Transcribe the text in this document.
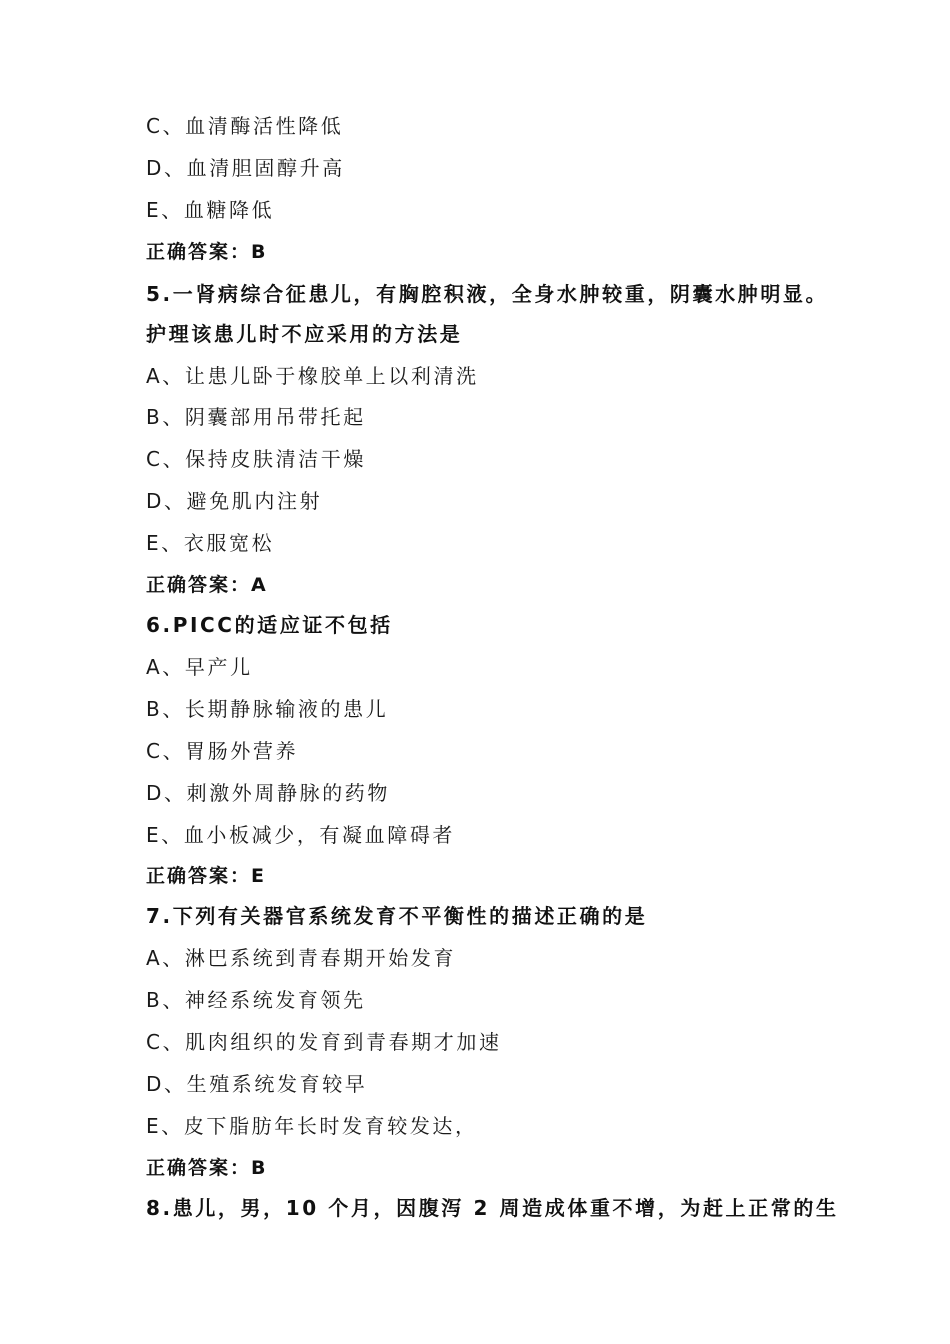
C、血清酶活性降低
D、血清胆固醇升高
E、血糖降低
正确答案：B
5.一肾病综合征患儿，有胸腔积液，全身水肿较重，阴囊水肿明显。
护理该患儿时不应采用的方法是
A、让患儿卧于橡胶单上以利清洗
B、阴囊部用吊带托起
C、保持皮肤清洁干燥
D、避免肌内注射
E、衣服宽松
正确答案：A
6.PICC的适应证不包括
A、早产儿
B、长期静脉输液的患儿
C、胃肠外营养
D、刺激外周静脉的药物
E、血小板减少，有凝血障碍者
正确答案：E
7.下列有关器官系统发育不平衡性的描述正确的是
A、淋巴系统到青春期开始发育
B、神经系统发育领先
C、肌肉组织的发育到青春期才加速
D、生殖系统发育较早
E、皮下脂肪年长时发育较发达，
正确答案：B
8.患儿，男，10 个月，因腹泻 2 周造成体重不增，为赶上正常的生
